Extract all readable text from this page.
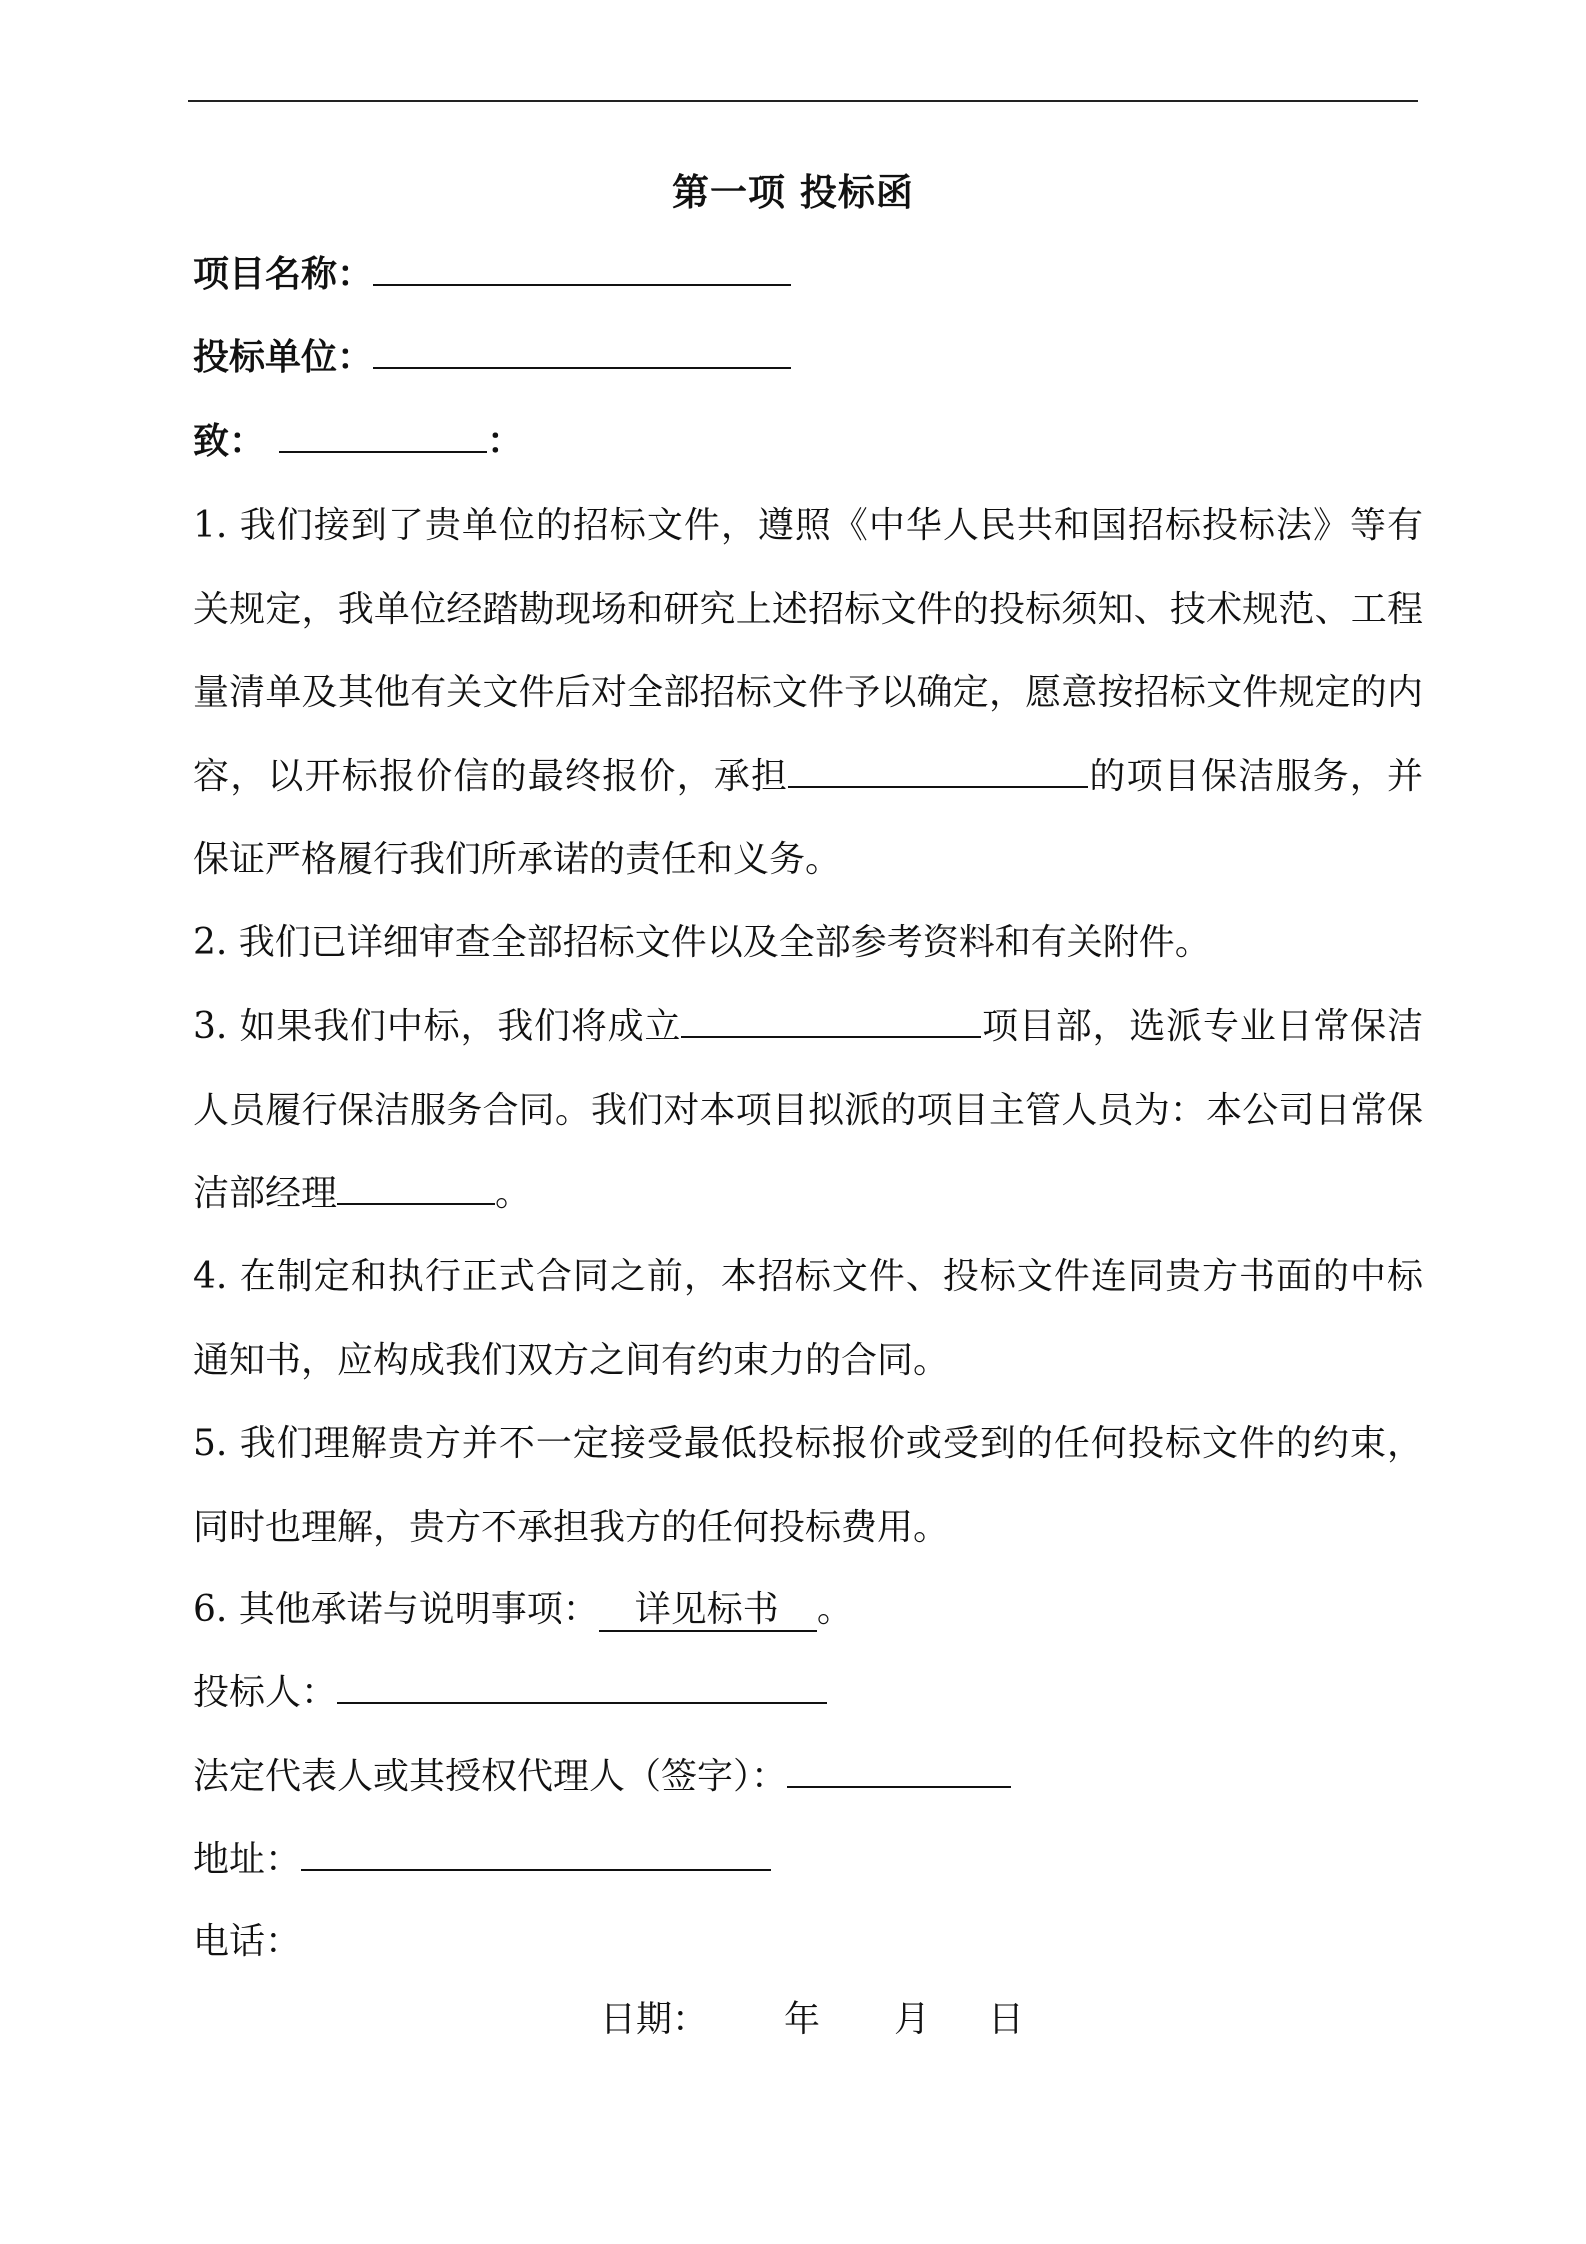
第一项 投标函
项目名称：
投标单位：
致：	：
1. 我们接到了贵单位的招标文件，遵照《中华人民共和国招标投标法》等有关规定，我单位经踏勘现场和研究上述招标文件的投标须知、技术规范、工程量清单及其他有关文件后对全部招标文件予以确定，愿意按招标文件规定的内容，以开标报价信的最终报价，承担	的项目保洁服务，并保证严格履行我们所承诺的责任和义务。
2. 我们已详细审查全部招标文件以及全部参考资料和有关附件。
3. 如果我们中标，我们将成立	项目部，选派专业日常保洁人员履行保洁服务合同。我们对本项目拟派的项目主管人员为：本公司日常保洁部经理	。
4. 在制定和执行正式合同之前，本招标文件、投标文件连同贵方书面的中标通知书，应构成我们双方之间有约束力的合同。
5. 我们理解贵方并不一定接受最低投标报价或受到的任何投标文件的约束，同时也理解，贵方不承担我方的任何投标费用。
6. 其他承诺与说明事项： 详见标书 。
投标人：
法定代表人或其授权代理人（签字）：
地址：
电话：
日期： 年 月 日
